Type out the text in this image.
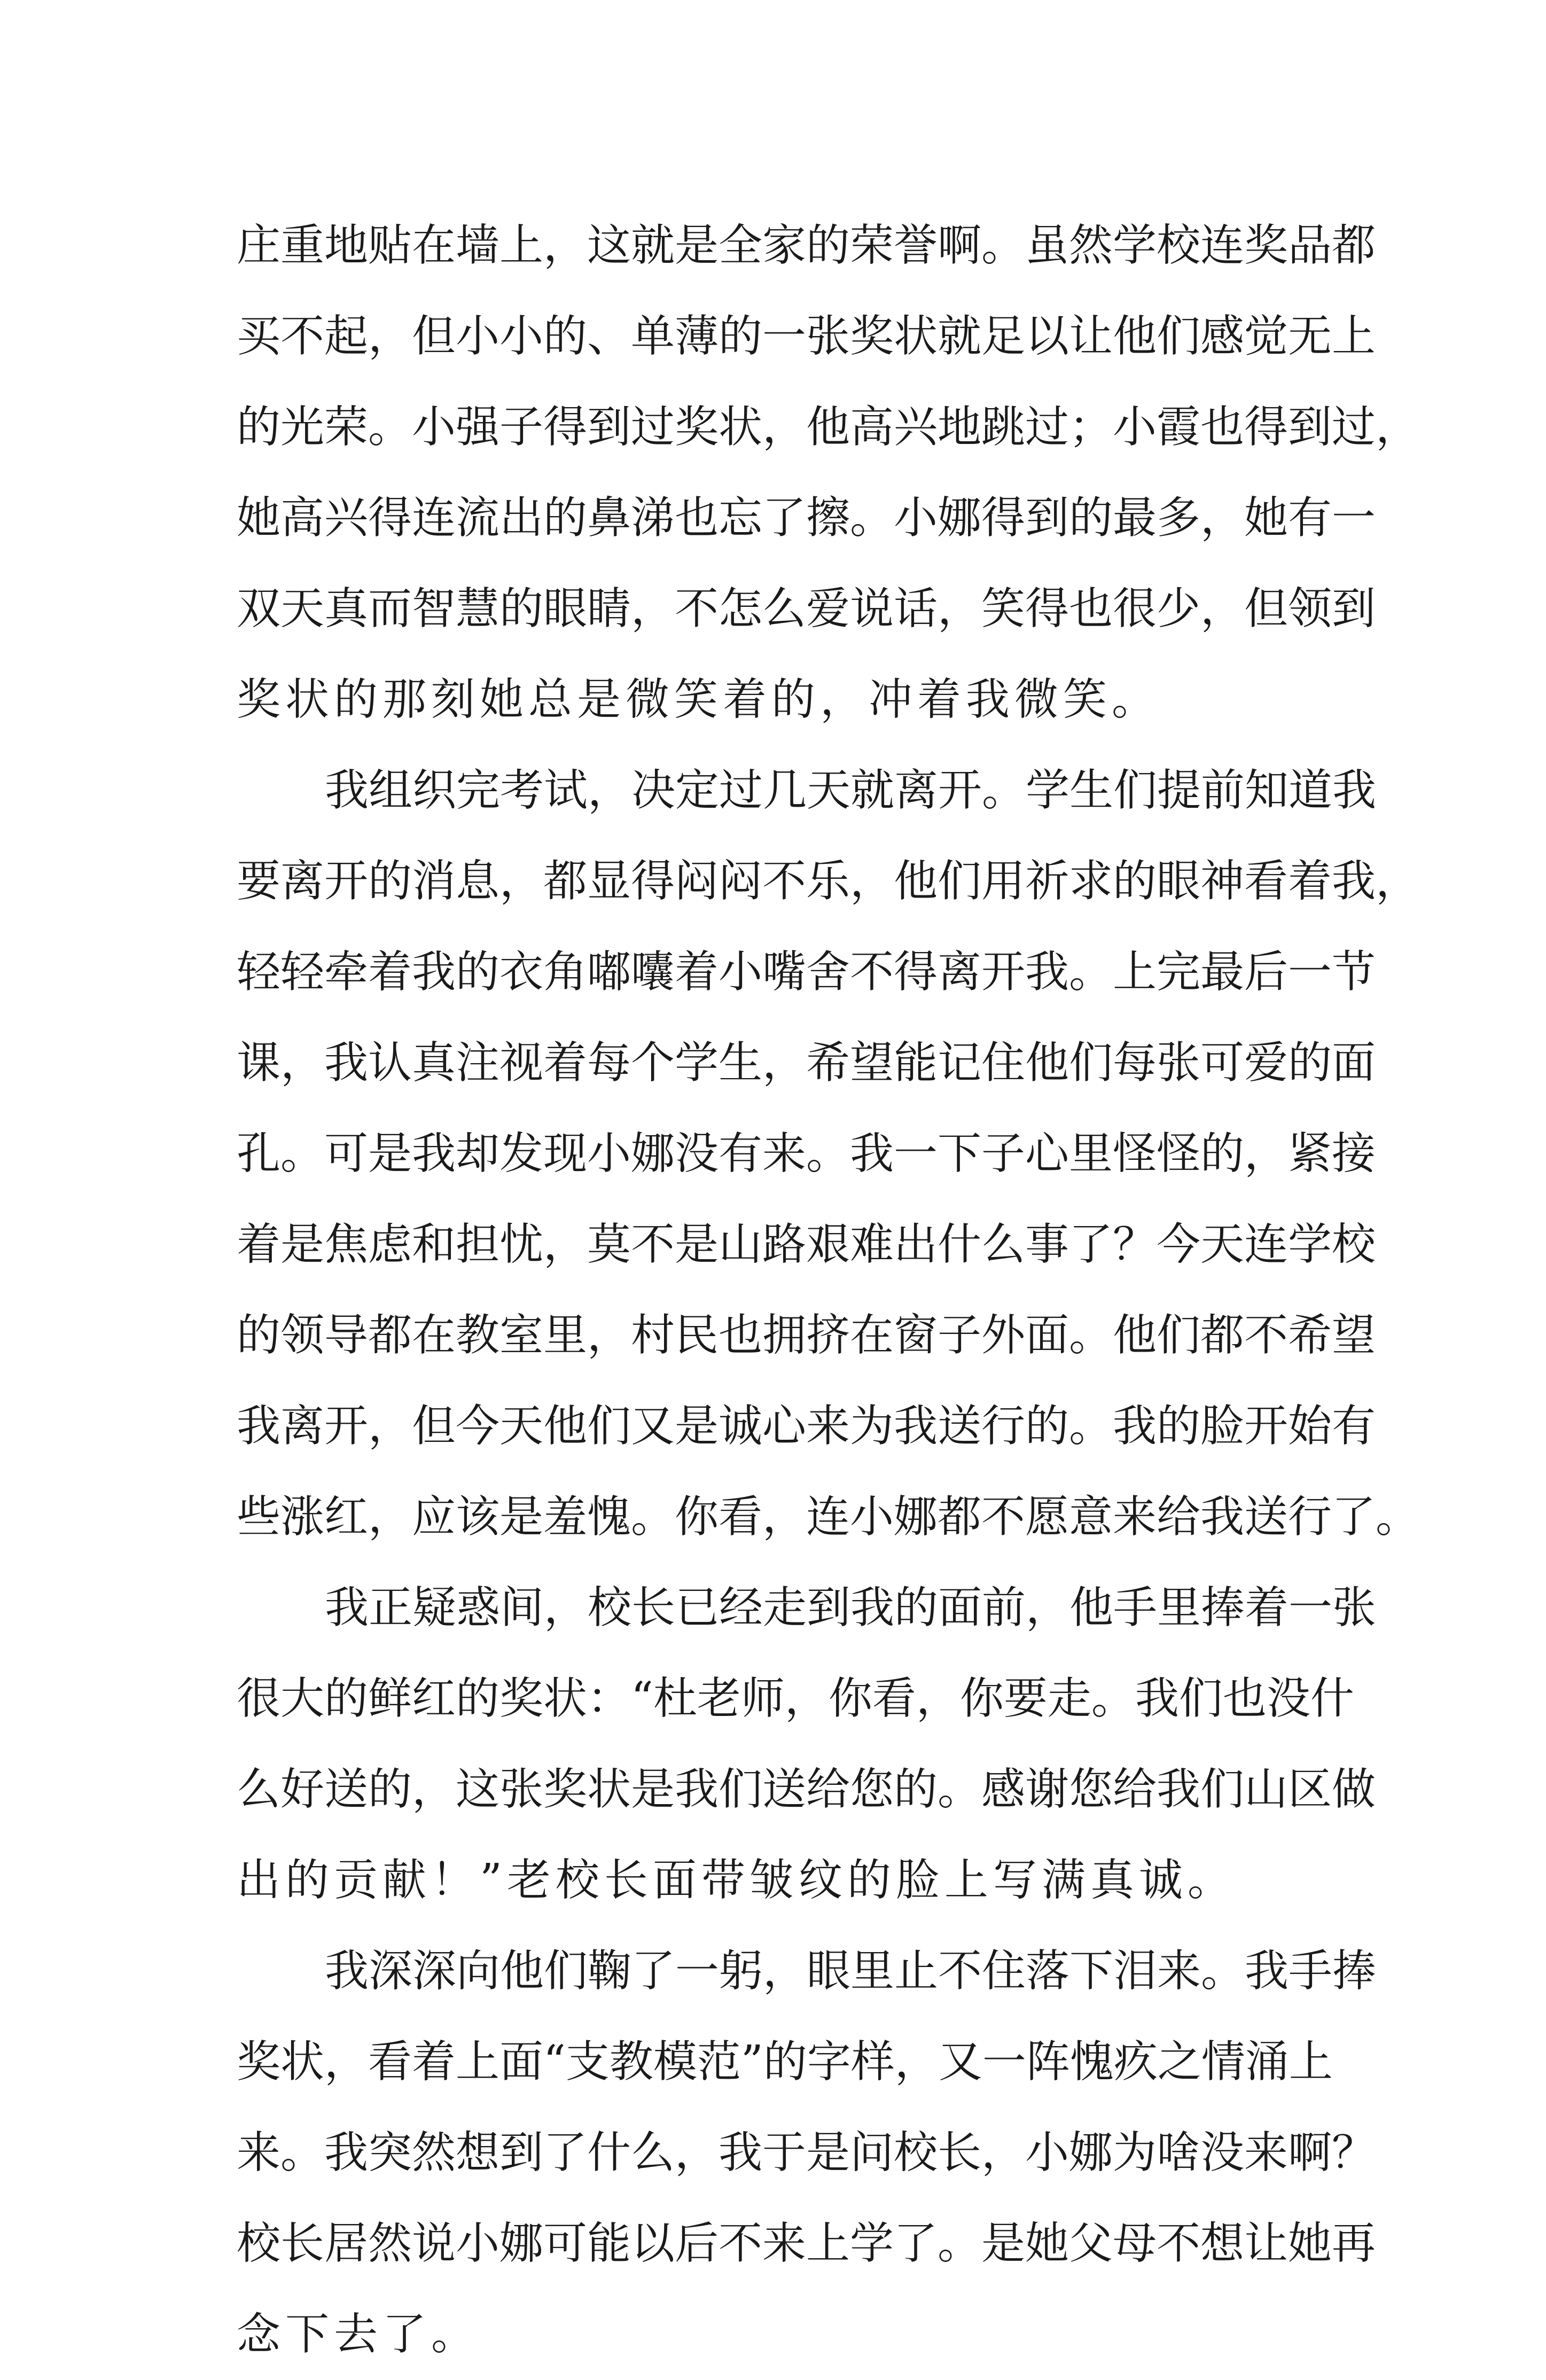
庄重地贴在墙上，这就是全家的荣誉啊。虽然学校连奖品都
买不起，但小小的、单薄的一张奖状就足以让他们感觉无上
的光荣。小强子得到过奖状，他高兴地跳过；小霞也得到过，
她高兴得连流出的鼻涕也忘了擦。小娜得到的最多，她有一
双天真而智慧的眼睛，不怎么爱说话，笑得也很少，但领到
奖状的那刻她总是微笑着的，冲着我微笑。
我组织完考试，决定过几天就离开。学生们提前知道我
要离开的消息，都显得闷闷不乐，他们用祈求的眼神看着我，
轻轻牵着我的衣角嘟囔着小嘴舍不得离开我。上完最后一节
课，我认真注视着每个学生，希望能记住他们每张可爱的面
孔。可是我却发现小娜没有来。我一下子心里怪怪的，紧接
着是焦虑和担忧，莫不是山路艰难出什么事了？今天连学校
的领导都在教室里，村民也拥挤在窗子外面。他们都不希望
我离开，但今天他们又是诚心来为我送行的。我的脸开始有
些涨红，应该是羞愧。你看，连小娜都不愿意来给我送行了。
我正疑惑间，校长已经走到我的面前，他手里捧着一张
很大的鲜红的奖状：“杜老师，你看，你要走。我们也没什
么好送的，这张奖状是我们送给您的。感谢您给我们山区做
出的贡献！”老校长面带皱纹的脸上写满真诚。
我深深向他们鞠了一躬，眼里止不住落下泪来。我手捧
奖状，看着上面“支教模范”的字样，又一阵愧疚之情涌上
来。我突然想到了什么，我于是问校长，小娜为啥没来啊？
校长居然说小娜可能以后不来上学了。是她父母不想让她再
念下去了。
